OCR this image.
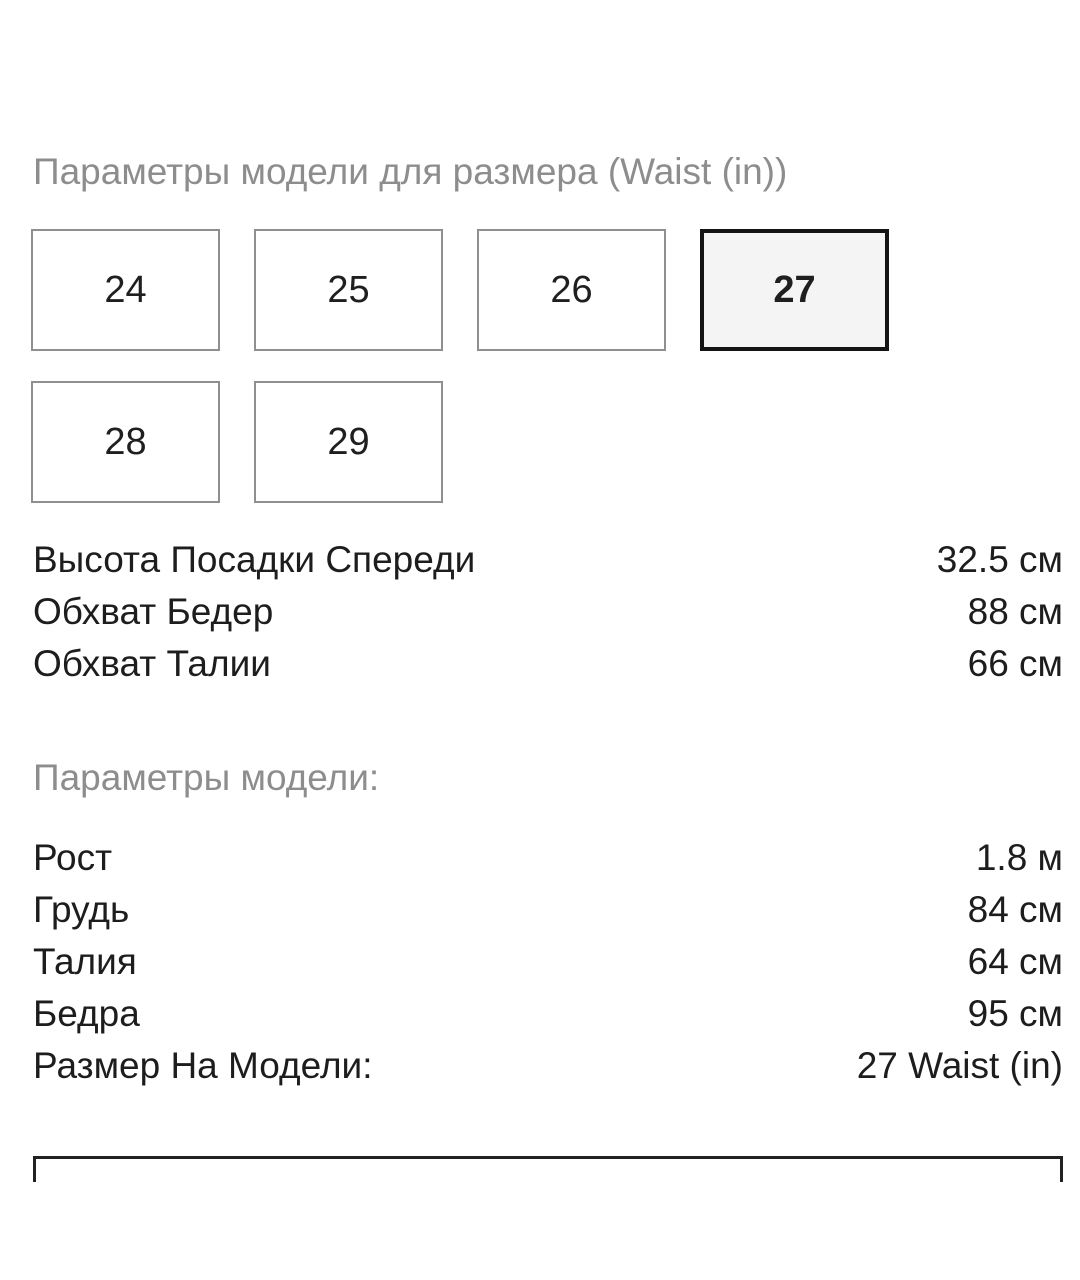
Параметры модели для размера (Waist (in))
24	25	26	27
28	29
Высота Посадки Спереди	32.5 см
Обхват Бедер	88 см
Обхват Талии	66 см
Параметры модели:
Рост	1.8 м
Грудь	84 см
Талия	64 см
Бедра	95 см
Размер На Модели:	27 Waist (in)
